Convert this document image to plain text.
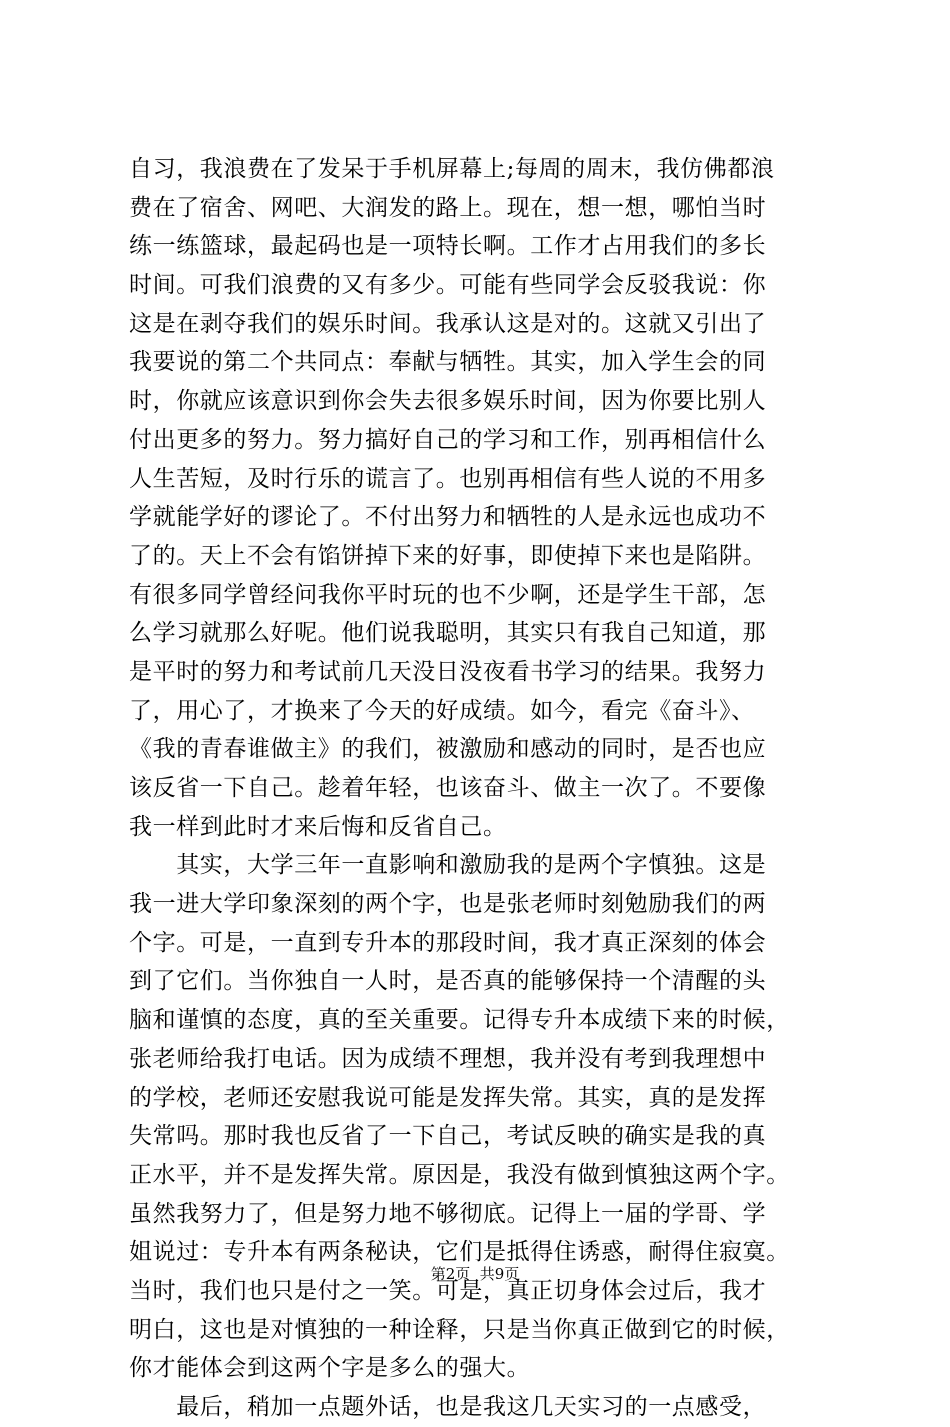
自习，我浪费在了发呆于手机屏幕上;每周的周末，我仿佛都浪
费在了宿舍、网吧、大润发的路上。现在，想一想，哪怕当时
练一练篮球，最起码也是一项特长啊。工作才占用我们的多长
时间。可我们浪费的又有多少。可能有些同学会反驳我说：你
这是在剥夺我们的娱乐时间。我承认这是对的。这就又引出了
我要说的第二个共同点：奉献与牺牲。其实，加入学生会的同
时，你就应该意识到你会失去很多娱乐时间，因为你要比别人
付出更多的努力。努力搞好自己的学习和工作，别再相信什么
人生苦短，及时行乐的谎言了。也别再相信有些人说的不用多
学就能学好的谬论了。不付出努力和牺牲的人是永远也成功不
了的。天上不会有馅饼掉下来的好事，即使掉下来也是陷阱。
有很多同学曾经问我你平时玩的也不少啊，还是学生干部，怎
么学习就那么好呢。他们说我聪明，其实只有我自己知道，那
是平时的努力和考试前几天没日没夜看书学习的结果。我努力
了，用心了，才换来了今天的好成绩。如今，看完《奋斗》、
《我的青春谁做主》的我们，被激励和感动的同时，是否也应
该反省一下自己。趁着年轻，也该奋斗、做主一次了。不要像
我一样到此时才来后悔和反省自己。
　　其实，大学三年一直影响和激励我的是两个字慎独。这是
我一进大学印象深刻的两个字，也是张老师时刻勉励我们的两
个字。可是，一直到专升本的那段时间，我才真正深刻的体会
到了它们。当你独自一人时，是否真的能够保持一个清醒的头
脑和谨慎的态度，真的至关重要。记得专升本成绩下来的时候，
张老师给我打电话。因为成绩不理想，我并没有考到我理想中
的学校，老师还安慰我说可能是发挥失常。其实，真的是发挥
失常吗。那时我也反省了一下自己，考试反映的确实是我的真
正水平，并不是发挥失常。原因是，我没有做到慎独这两个字。
虽然我努力了，但是努力地不够彻底。记得上一届的学哥、学
姐说过：专升本有两条秘诀，它们是抵得住诱惑，耐得住寂寞。
当时，我们也只是付之一笑。可是，真正切身体会过后，我才
明白，这也是对慎独的一种诠释，只是当你真正做到它的时候，
你才能体会到这两个字是多么的强大。
　　最后，稍加一点题外话，也是我这几天实习的一点感受，
第2页  共9页
